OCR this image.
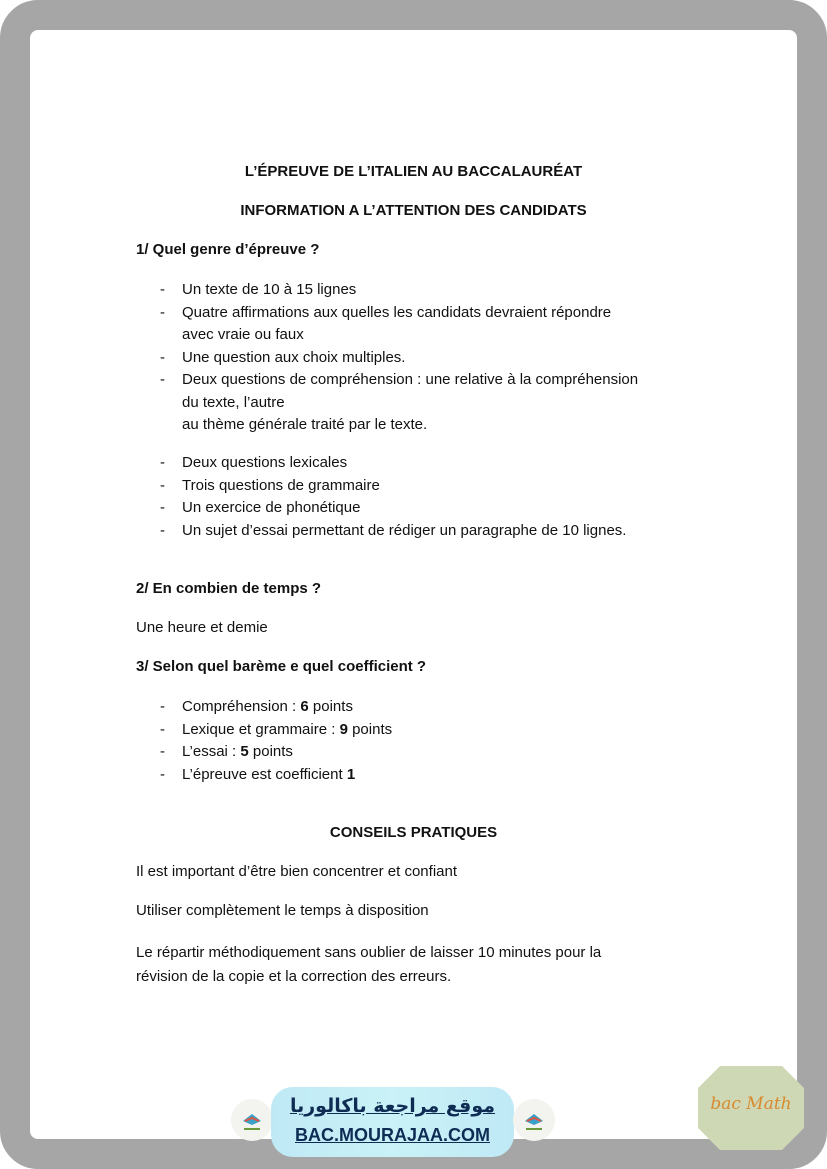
L’ÉPREUVE DE L’ITALIEN AU BACCALAURÉAT
INFORMATION A L’ATTENTION DES CANDIDATS
1/ Quel genre d’épreuve ?
- Un texte de 10 à 15 lignes
- Quatre affirmations aux quelles les candidats devraient répondre
avec vraie ou faux
- Une question aux choix multiples.
- Deux questions de compréhension : une relative à la compréhension
du texte, l’autre
au thème générale traité par le texte.
- Deux questions lexicales
- Trois questions de grammaire
- Un exercice de phonétique
- Un sujet d’essai permettant de rédiger un paragraphe de 10 lignes.
2/ En combien de temps ?
Une heure et demie
3/ Selon quel barème e quel coefficient ?
- Compréhension : 6 points
- Lexique et grammaire : 9 points
- L’essai : 5 points
- L’épreuve est coefficient 1
CONSEILS PRATIQUES
Il est important d’être bien concentrer et confiant
Utiliser complètement le temps à disposition
Le répartir méthodiquement sans oublier de laisser 10 minutes pour la
révision de la copie et la correction des erreurs.
موقع مراجعة باكالوريا
BAC.MOURAJAA.COM
bac Math
